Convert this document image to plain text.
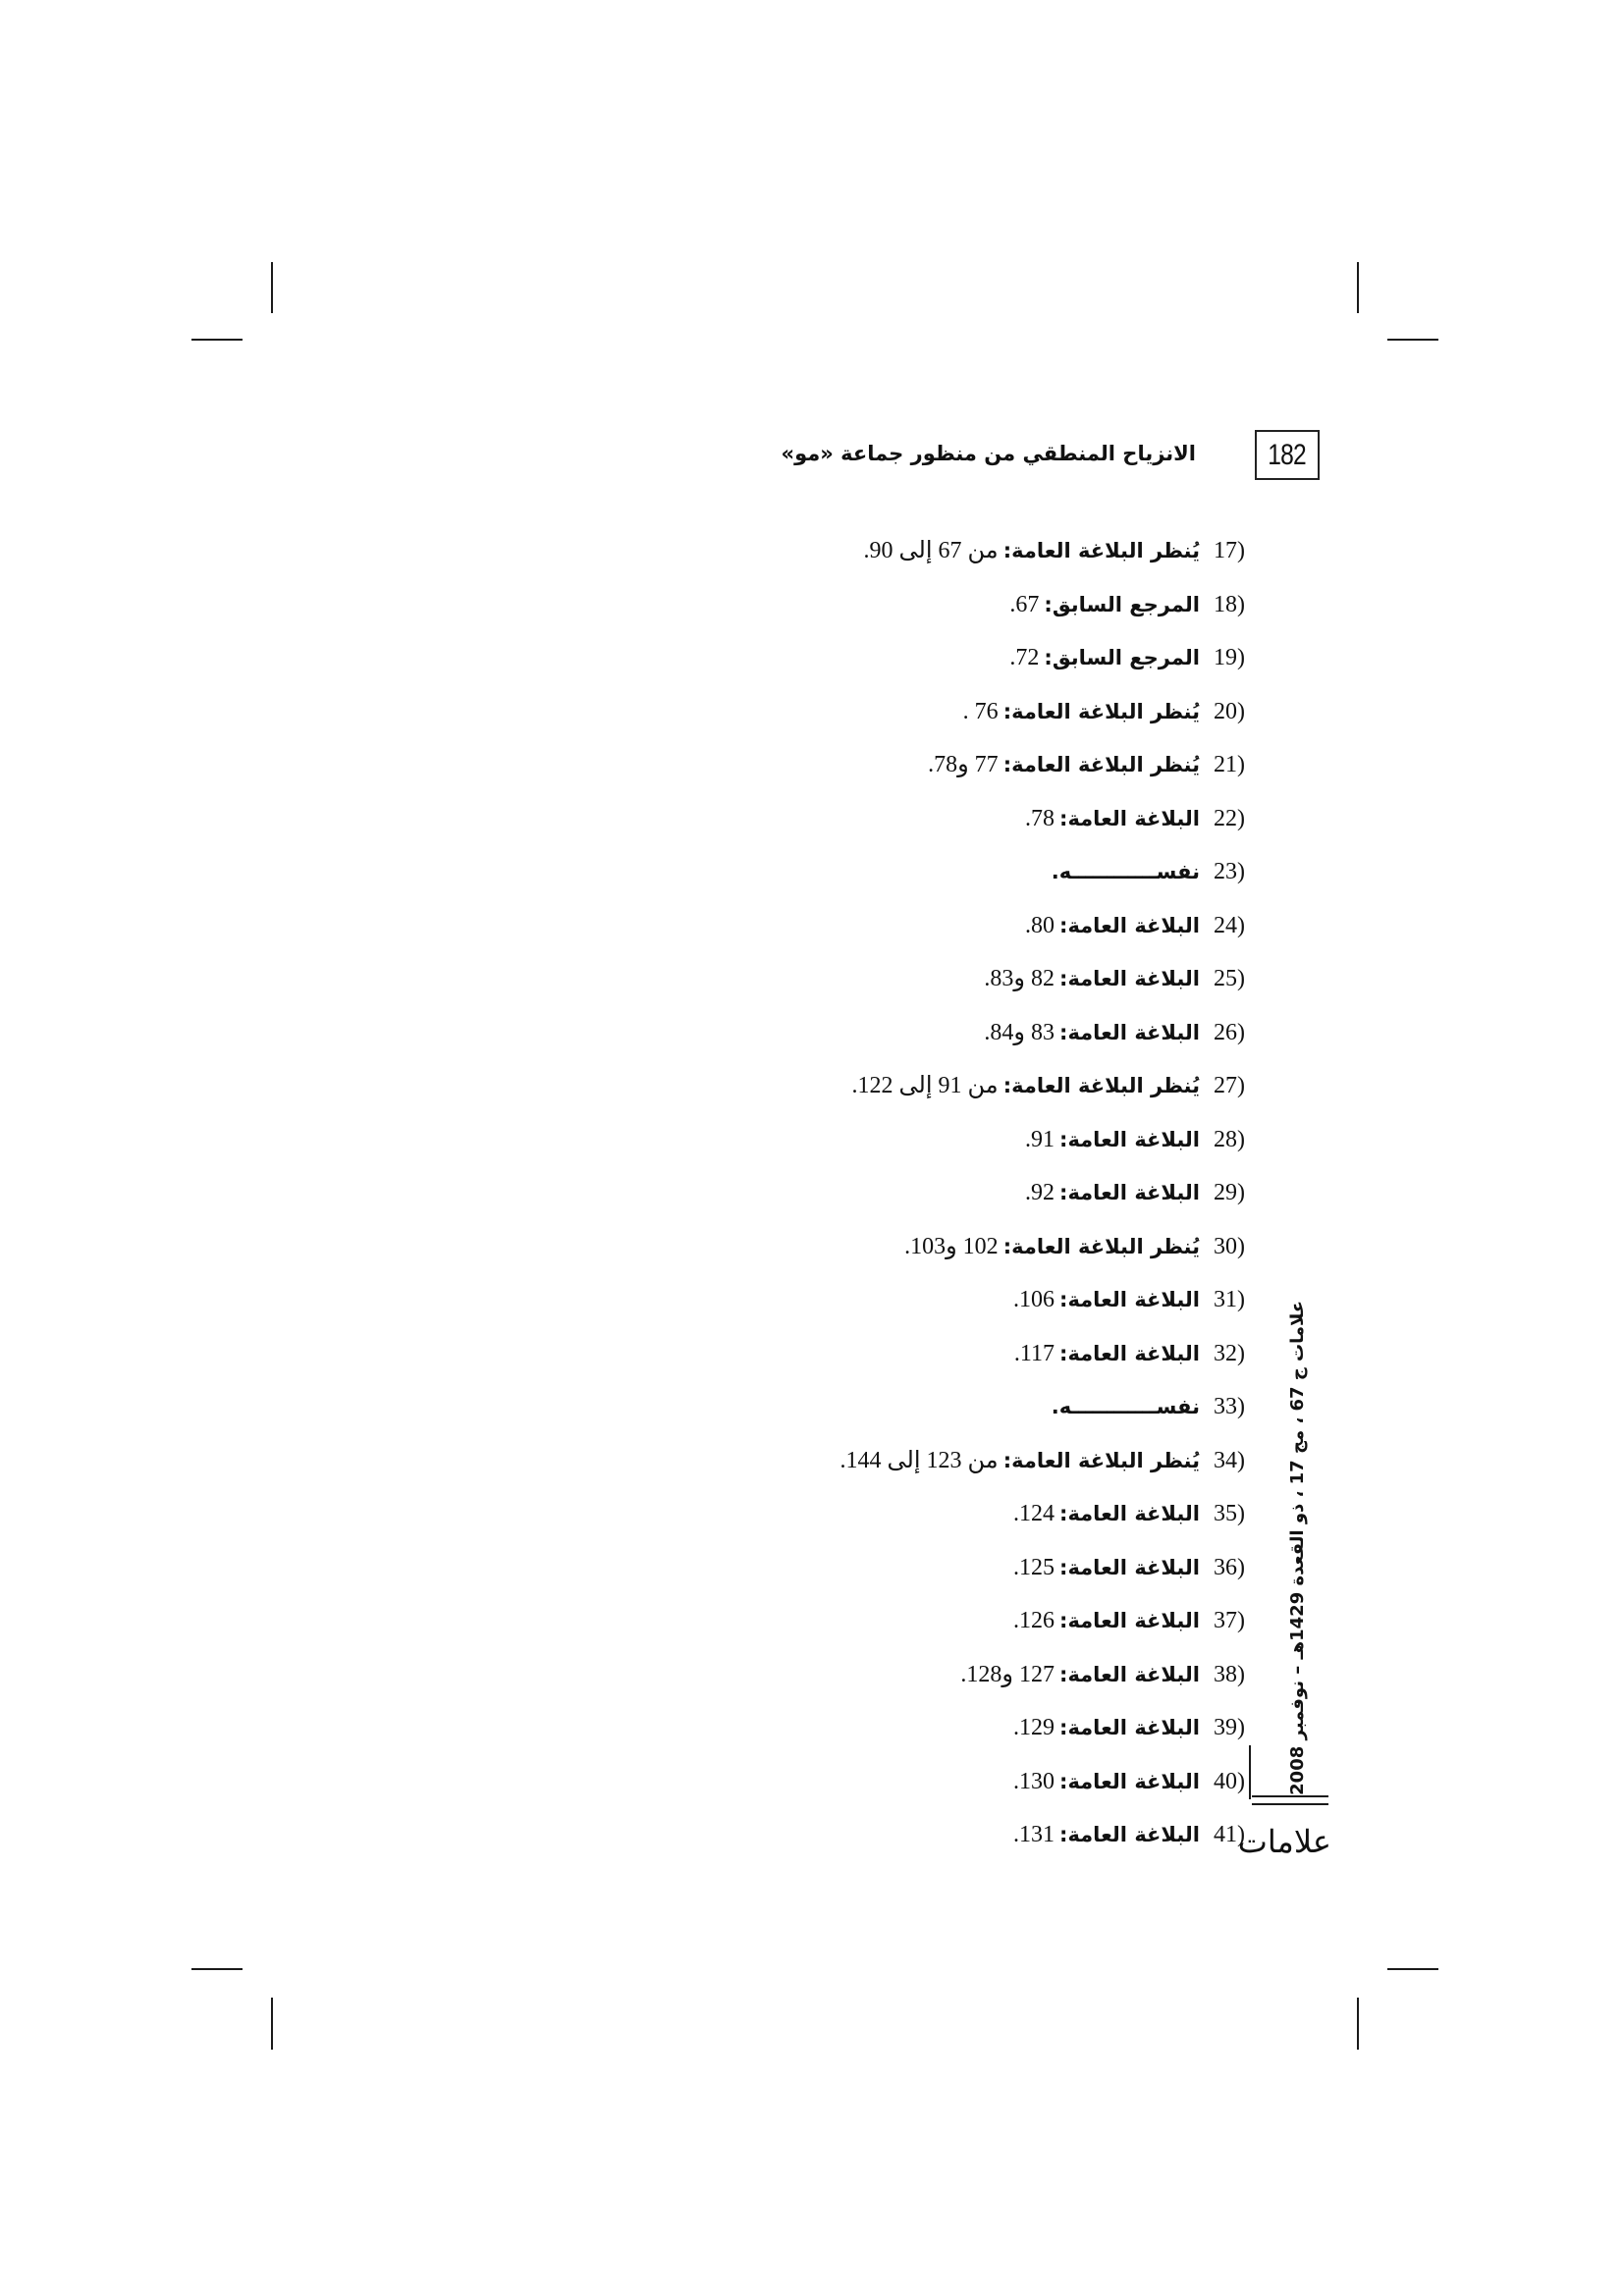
182
الانزياح المنطقي من منظور جماعة «مو»
17)يُنظر البلاغة العامة: من 67 إلى 90.
18)المرجع السابق: 67.
19)المرجع السابق: 72.
20)يُنظر البلاغة العامة: 76 .
21)يُنظر البلاغة العامة: 77 و78.
22)البلاغة العامة: 78.
23)نفســــــــــــه.
24)البلاغة العامة: 80.
25)البلاغة العامة: 82 و83.
26)البلاغة العامة: 83 و84.
27)يُنظر البلاغة العامة: من 91 إلى 122.
28)البلاغة العامة: 91.
29)البلاغة العامة: 92.
30)يُنظر البلاغة العامة: 102 و103.
31)البلاغة العامة: 106.
32)البلاغة العامة: 117.
33)نفســــــــــــه.
34)يُنظر البلاغة العامة: من 123 إلى 144.
35)البلاغة العامة: 124.
36)البلاغة العامة: 125.
37)البلاغة العامة: 126.
38)البلاغة العامة: 127 و128.
39)البلاغة العامة: 129.
40)البلاغة العامة: 130.
41)البلاغة العامة: 131.
علامات ج 67 ، مج 17 ، ذو القعدة 1429هـ – نوفمبر 2008
علامات
